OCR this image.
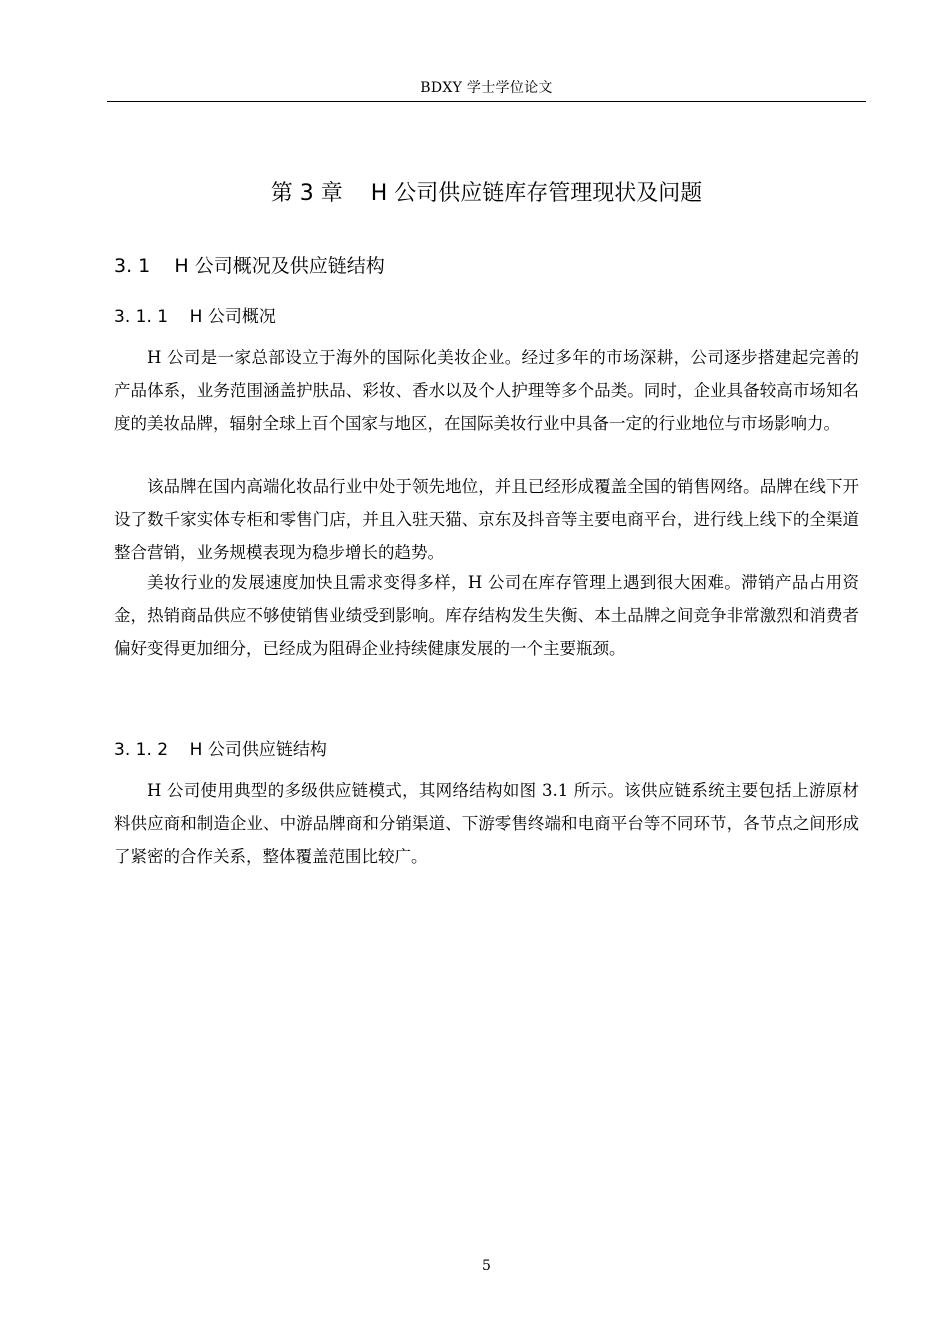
BDXY 学士学位论文
第 3 章    H 公司供应链库存管理现状及问题
3. 1    H 公司概况及供应链结构
3. 1. 1    H 公司概况

H 公司是一家总部设立于海外的国际化美妆企业。经过多年的市场深耕，公司逐步搭建起完善的产品体系，业务范围涵盖护肤品、彩妆、香水以及个人护理等多个品类。同时，企业具备较高市场知名度的美妆品牌，辐射全球上百个国家与地区，在国际美妆行业中具备一定的行业地位与市场影响力。

该品牌在国内高端化妆品行业中处于领先地位，并且已经形成覆盖全国的销售网络。品牌在线下开设了数千家实体专柜和零售门店，并且入驻天猫、京东及抖音等主要电商平台，进行线上线下的全渠道整合营销，业务规模表现为稳步增长的趋势。

美妆行业的发展速度加快且需求变得多样，H 公司在库存管理上遇到很大困难。滞销产品占用资金，热销商品供应不够使销售业绩受到影响。库存结构发生失衡、本土品牌之间竞争非常激烈和消费者偏好变得更加细分，已经成为阻碍企业持续健康发展的一个主要瓶颈。

3. 1. 2    H 公司供应链结构

H 公司使用典型的多级供应链模式，其网络结构如图 3.1 所示。该供应链系统主要包括上游原材料供应商和制造企业、中游品牌商和分销渠道、下游零售终端和电商平台等不同环节，各节点之间形成了紧密的合作关系，整体覆盖范围比较广。

5
